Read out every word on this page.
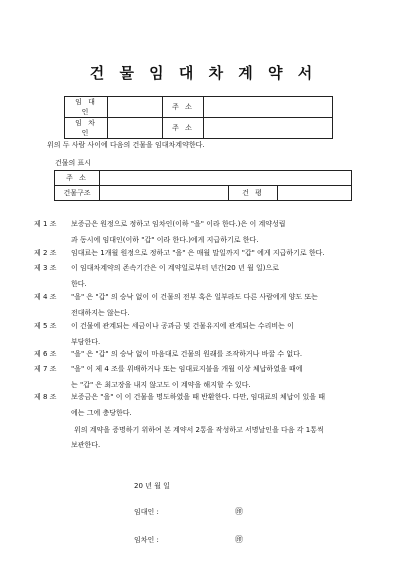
건 물 임 대 차 계 약 서
임 대 인		주 소	
임 차 인		주 소	
위의 두 사람 사이에 다음의 건물을 임대차계약한다.
건물의 표시
주 소			
건물구조		건 평	
제 1 조 보증금은 원정으로 정하고 임차인(이하 "을" 이라 한다.)은 이 계약성립
과 동시에 임대인(이하 "갑" 이라 한다.)에게 지급하기로 한다.
제 2 조 임대료는 1개월 원정으로 정하고 "을" 은 매월 말일까지 "갑" 에게 지급하기로 한다.
제 3 조 이 임대차계약의 존속기간은 이 계약일로부터 년간(20 년 월 일)으로
한다.
제 4 조 "을" 은 "갑" 의 승낙 없이 이 건물의 전부 혹은 일부라도 다른 사람에게 양도 또는
전대하지는 않는다.
제 5 조 이 건물에 관계되는 세금이나 공과금 및 건물유지에 관계되는 수리비는 이
부담한다.
제 6 조 "을" 은 "갑" 의 승낙 없이 마음대로 건물의 원래를 조작하거나 바꿀 수 없다.
제 7 조 "을" 이 제 4 조를 위배하거나 또는 임대료지불을 개월 이상 체납하였을 때에
는 "갑" 은 최고장을 내지 않고도 이 계약을 해지할 수 있다.
제 8 조 보증금은 "을" 이 이 건물을 명도하였을 때 반환한다. 다만, 임대료의 체납이 있을 때
에는 그에 충당한다.
위의 계약을 증명하기 위하여 본 계약서 2통을 작성하고 서명날인을 다음 각 1통씩
보관한다.
20 년 월 일
임대인 :	㊞
임차인 :	㊞
